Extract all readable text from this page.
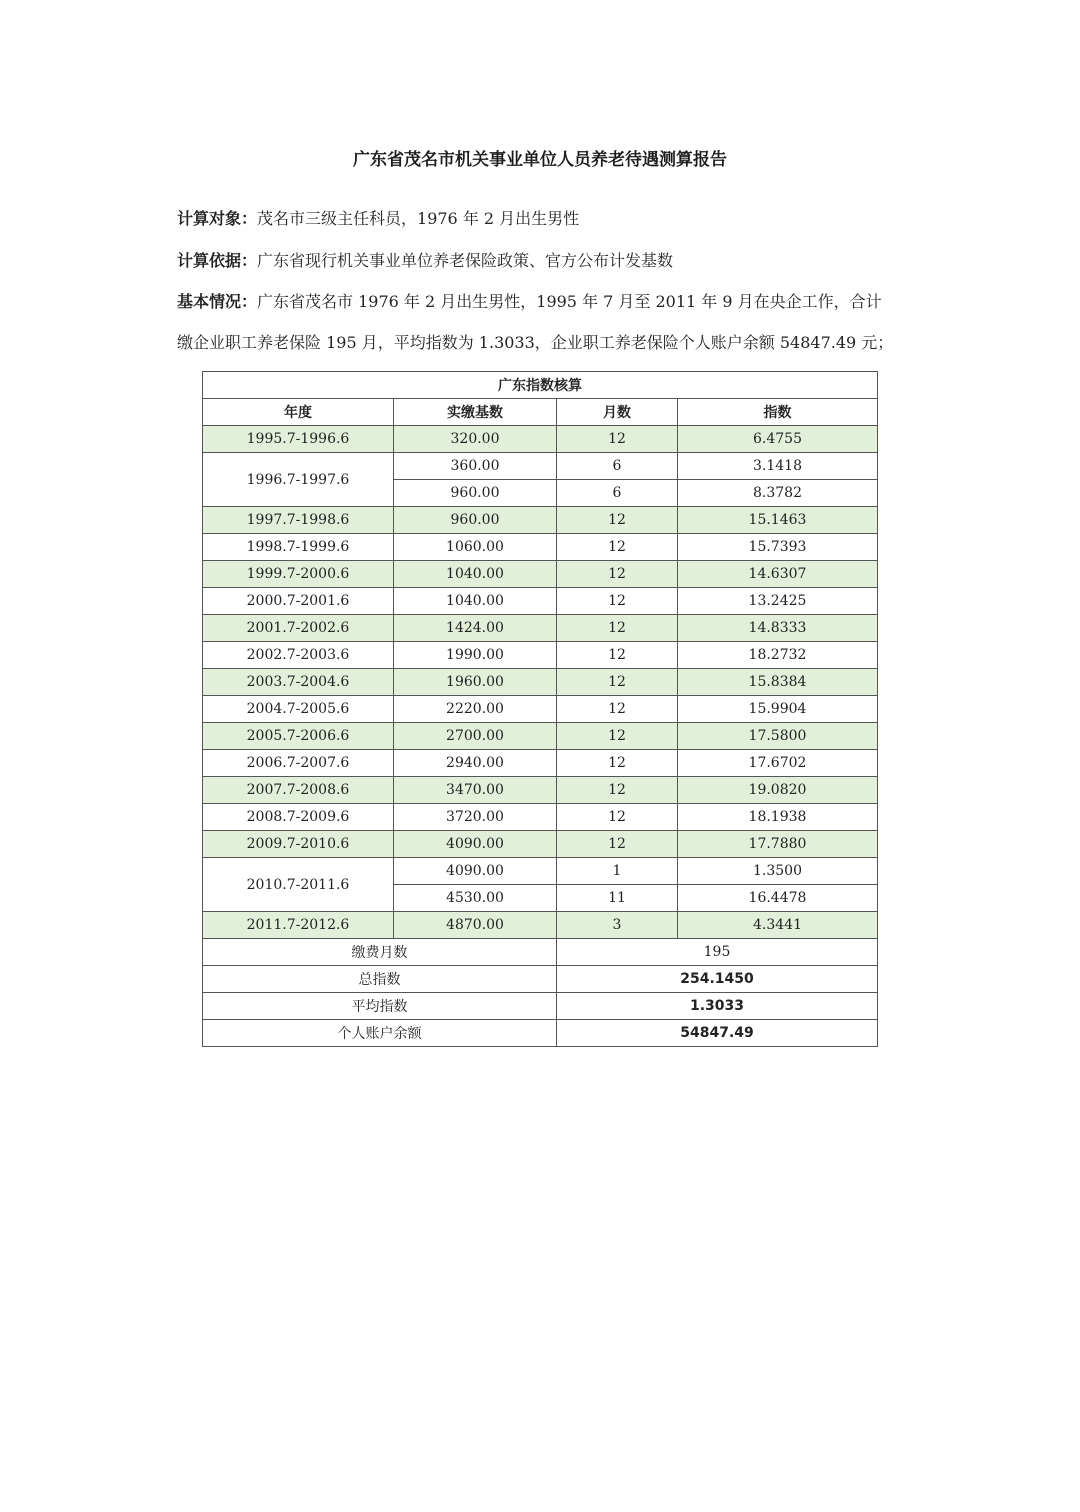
广东省茂名市机关事业单位人员养老待遇测算报告
计算对象：茂名市三级主任科员，1976 年 2 月出生男性
计算依据：广东省现行机关事业单位养老保险政策、官方公布计发基数
基本情况：广东省茂名市 1976 年 2 月出生男性，1995 年 7 月至 2011 年 9 月在央企工作，合计
缴企业职工养老保险 195 月，平均指数为 1.3033，企业职工养老保险个人账户余额 54847.49 元；
广东指数核算			
年度	实缴基数	月数	指数
1995.7-1996.6	320.00	12	6.4755
1996.7-1997.6	360.00	6	3.1418
	960.00	6	8.3782
1997.7-1998.6	960.00	12	15.1463
1998.7-1999.6	1060.00	12	15.7393
1999.7-2000.6	1040.00	12	14.6307
2000.7-2001.6	1040.00	12	13.2425
2001.7-2002.6	1424.00	12	14.8333
2002.7-2003.6	1990.00	12	18.2732
2003.7-2004.6	1960.00	12	15.8384
2004.7-2005.6	2220.00	12	15.9904
2005.7-2006.6	2700.00	12	17.5800
2006.7-2007.6	2940.00	12	17.6702
2007.7-2008.6	3470.00	12	19.0820
2008.7-2009.6	3720.00	12	18.1938
2009.7-2010.6	4090.00	12	17.7880
2010.7-2011.6	4090.00	1	1.3500
	4530.00	11	16.4478
2011.7-2012.6	4870.00	3	4.3441
缴费月数		195	
总指数		254.1450	
平均指数		1.3033	
个人账户余额		54847.49	
